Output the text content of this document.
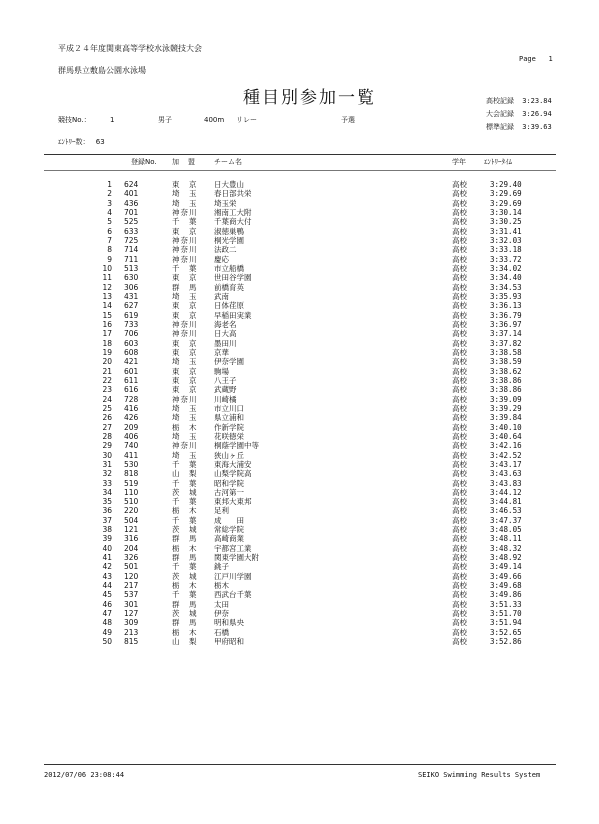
平成２４年度関東高等学校水泳競技大会
群馬県立敷島公園水泳場
Page 1
種目別参加一覧	高校記録 3:23.84
大会記録 3:26.94
標準記録 3:39.63
競技No.：	1	男子	400m リレー	予選
ｴﾝﾄﾘｰ数： 63
登録No. 加　盟	チーム名	学年	ｴﾝﾄﾘｰﾀｲﾑ
1 624	東　京	日大豊山	高校	3:29.40
2 401	埼　玉	春日部共栄	高校	3:29.69
3 436	埼　玉	埼玉栄	高校	3:29.69
4 701	神奈川	湘南工大附	高校	3:30.14
5 525	千　葉	千葉商大付	高校	3:30.25
6 633	東　京	淑徳巣鴨	高校	3:31.41
7 725	神奈川	桐光学園	高校	3:32.03
8 714	神奈川	法政二	高校	3:33.18
9 711	神奈川	慶応	高校	3:33.72
10 513	千　葉	市立船橋	高校	3:34.02
11 630	東　京	世田谷学園	高校	3:34.40
12 306	群　馬	前橋育英	高校	3:34.53
13 431	埼　玉	武南	高校	3:35.93
14 627	東　京	日体荏原	高校	3:36.13
15 619	東　京	早稲田実業	高校	3:36.79
16 733	神奈川	海老名	高校	3:36.97
17 706	神奈川	日大高	高校	3:37.14
18 603	東　京	墨田川	高校	3:37.82
19 608	東　京	京華	高校	3:38.58
20 421	埼　玉	伊奈学園	高校	3:38.59
21 601	東　京	駒場	高校	3:38.62
22 611	東　京	八王子	高校	3:38.86
23 616	東　京	武蔵野	高校	3:38.86
24 728	神奈川	川崎橘	高校	3:39.09
25 416	埼　玉	市立川口	高校	3:39.29
26 426	埼　玉	県立浦和	高校	3:39.84
27 209	栃　木	作新学院	高校	3:40.10
28 406	埼　玉	花咲徳栄	高校	3:40.64
29 740	神奈川	桐蔭学園中等	高校	3:42.16
30 411	埼　玉	狭山ヶ丘	高校	3:42.52
31 530	千　葉	東海大浦安	高校	3:43.17
32 818	山　梨	山梨学院高	高校	3:43.63
33 519	千　葉	昭和学院	高校	3:43.83
34 110	茨　城	古河第一	高校	3:44.12
35 510	千　葉	東邦大東邦	高校	3:44.81
36 220	栃　木	足利	高校	3:46.53
37 504	千　葉	成　　田	高校	3:47.37
38 121	茨　城	常総学院	高校	3:48.05
39 316	群　馬	高崎商業	高校	3:48.11
40 204	栃　木	宇都宮工業	高校	3:48.32
41 326	群　馬	関東学園大附	高校	3:48.92
42 501	千　葉	銚子	高校	3:49.14
43 120	茨　城	江戸川学園	高校	3:49.66
44 217	栃　木	栃木	高校	3:49.68
45 537	千　葉	西武台千葉	高校	3:49.86
46 301	群　馬	太田	高校	3:51.33
47 127	茨　城	伊奈	高校	3:51.70
48 309	群　馬	明和県央	高校	3:51.94
49 213	栃　木	石橋	高校	3:52.65
50 815	山　梨	甲府昭和	高校	3:52.86
2012/07/06 23:08:44	SEIKO Swimming Results System
